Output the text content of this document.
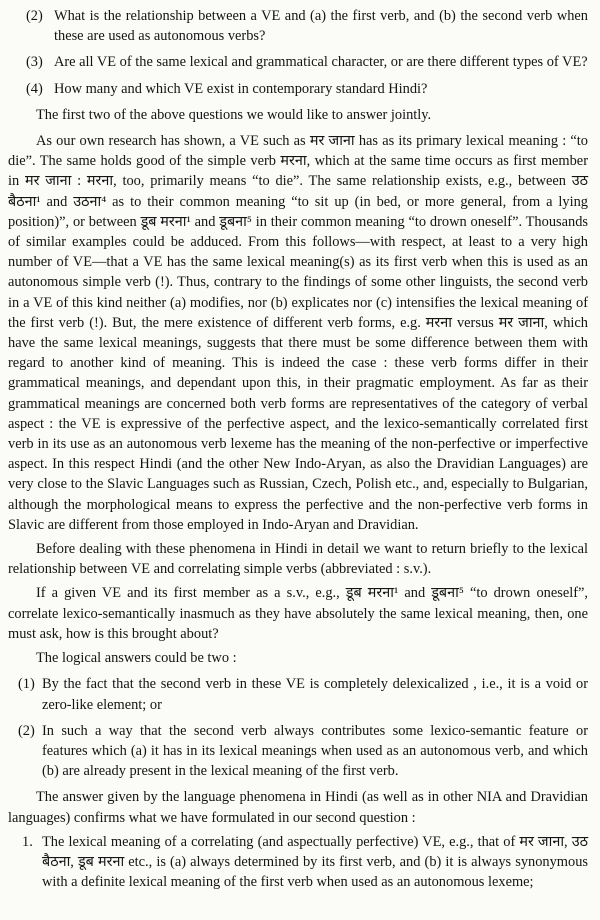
(2) What is the relationship between a VE and (a) the first verb, and (b) the second verb when these are used as autonomous verbs?
(3) Are all VE of the same lexical and grammatical character, or are there different types of VE?
(4) How many and which VE exist in contemporary standard Hindi?

The first two of the above questions we would like to answer jointly.

As our own research has shown, a VE such as मर जाना has as its primary lexical meaning : “to die”. The same holds good of the simple verb मरना, which at the same time occurs as first member in मर जाना : मरना, too, primarily means “to die”. The same relationship exists, e.g., between उठ बैठना¹ and उठना⁴ as to their common meaning “to sit up (in bed, or more general, from a lying position)”, or between डूब मरना¹ and डूबना⁵ in their common meaning “to drown oneself”. Thousands of similar examples could be adduced. From this follows—with respect, at least to a very high number of VE—that a VE has the same lexical meaning(s) as its first verb when this is used as an autonomous simple verb (!). Thus, contrary to the findings of some other linguists, the second verb in a VE of this kind neither (a) modifies, nor (b) explicates nor (c) intensifies the lexical meaning of the first verb (!). But, the mere existence of different verb forms, e.g. मरना versus मर जाना, which have the same lexical meanings, suggests that there must be some difference between them with regard to another kind of meaning. This is indeed the case : these verb forms differ in their grammatical meanings, and dependant upon this, in their pragmatic employment. As far as their grammatical meanings are concerned both verb forms are representatives of the category of verbal aspect : the VE is expressive of the perfective aspect, and the lexico-semantically correlated first verb in its use as an autonomous verb lexeme has the meaning of the non-perfective or imperfective aspect. In this respect Hindi (and the other New Indo-Aryan, as also the Dravidian Languages) are very close to the Slavic Languages such as Russian, Czech, Polish etc., and, especially to Bulgarian, although the morphological means to express the perfective and the non-perfective verb forms in Slavic are different from those employed in Indo-Aryan and Dravidian.

Before dealing with these phenomena in Hindi in detail we want to return briefly to the lexical relationship between VE and correlating simple verbs (abbreviated : s.v.).

If a given VE and its first member as a s.v., e.g., डूब मरना¹ and डूबना⁵ “to drown oneself”, correlate lexico-semantically inasmuch as they have absolutely the same lexical meaning, then, one must ask, how is this brought about?

The logical answers could be two :

(1) By the fact that the second verb in these VE is completely delexicalized , i.e., it is a void or zero-like element; or
(2) In such a way that the second verb always contributes some lexico-semantic feature or features which (a) it has in its lexical meanings when used as an autonomous verb, and which (b) are already present in the lexical meaning of the first verb.

The answer given by the language phenomena in Hindi (as well as in other NIA and Dravidian languages) confirms what we have formulated in our second question :

1. The lexical meaning of a correlating (and aspectually perfective) VE, e.g., that of मर जाना, उठ बैठना, डूब मरना etc., is (a) always determined by its first verb, and (b) it is always synonymous with a definite lexical meaning of the first verb when used as an autonomous lexeme;
